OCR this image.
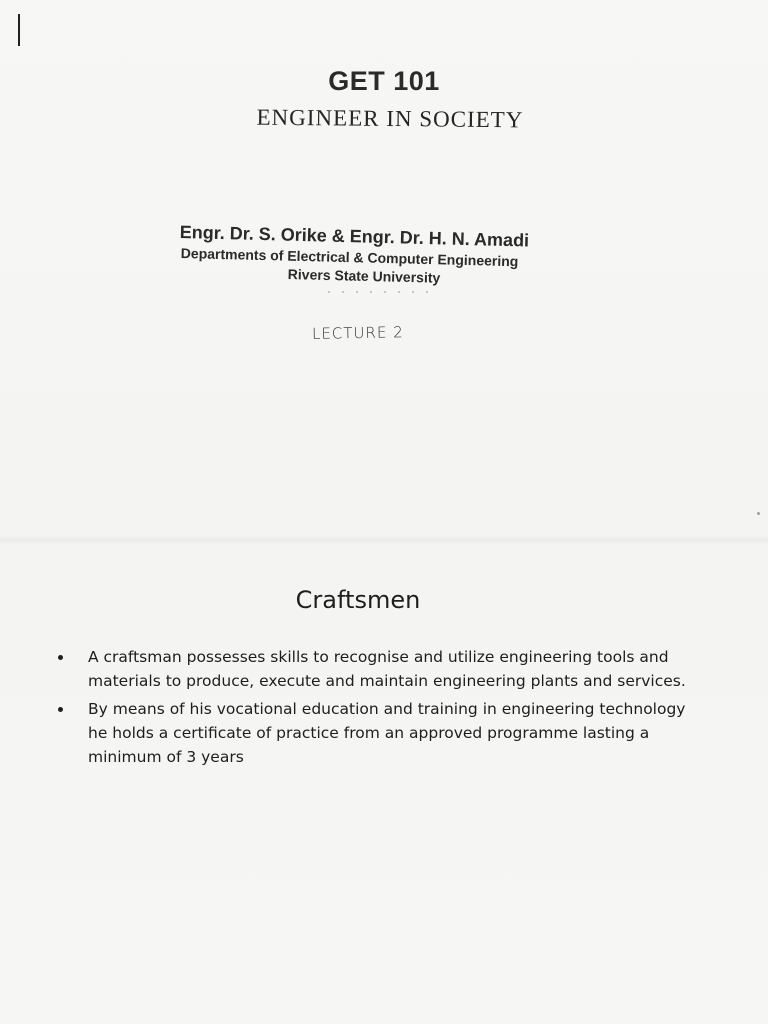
GET 101
ENGINEER IN SOCIETY
Engr. Dr. S. Orike & Engr. Dr. H. N. Amadi
Departments of Electrical & Computer Engineering
Rivers State University
LECTURE 2
Craftsmen
A craftsman possesses skills to recognise and utilize engineering tools and materials to produce, execute and maintain engineering plants and services.
By means of his vocational education and training in engineering technology he holds a certificate of practice from an approved programme lasting a minimum of 3 years
